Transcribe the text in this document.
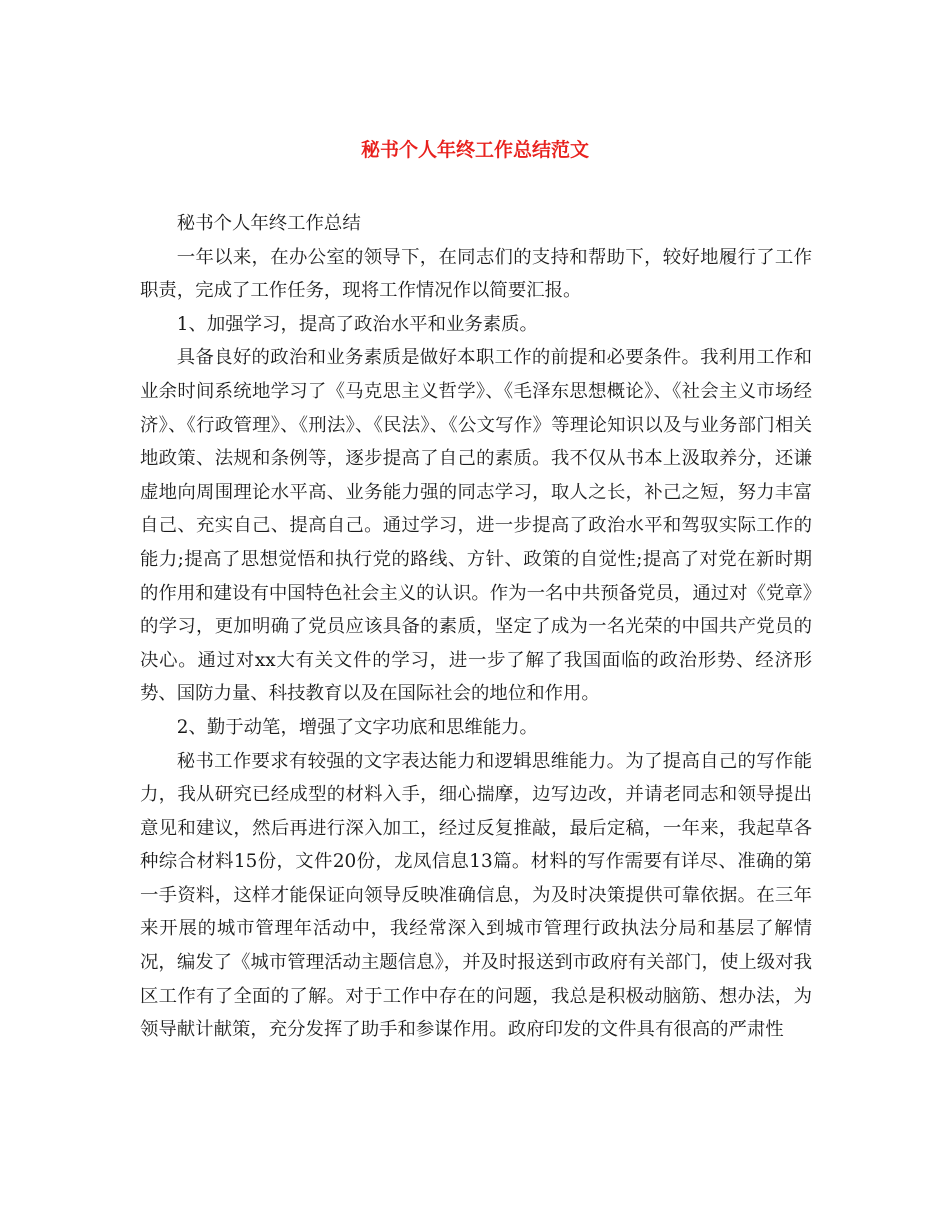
秘书个人年终工作总结范文

秘书个人年终工作总结

一年以来，在办公室的领导下，在同志们的支持和帮助下，较好地履行了工作职责，完成了工作任务，现将工作情况作以简要汇报。

1、加强学习，提高了政治水平和业务素质。

具备良好的政治和业务素质是做好本职工作的前提和必要条件。我利用工作和业余时间系统地学习了《马克思主义哲学》、《毛泽东思想概论》、《社会主义市场经济》、《行政管理》、《刑法》、《民法》、《公文写作》等理论知识以及与业务部门相关地政策、法规和条例等，逐步提高了自己的素质。我不仅从书本上汲取养分，还谦虚地向周围理论水平高、业务能力强的同志学习，取人之长，补己之短，努力丰富自己、充实自己、提高自己。通过学习，进一步提高了政治水平和驾驭实际工作的能力;提高了思想觉悟和执行党的路线、方针、政策的自觉性;提高了对党在新时期的作用和建设有中国特色社会主义的认识。作为一名中共预备党员，通过对《党章》的学习，更加明确了党员应该具备的素质，坚定了成为一名光荣的中国共产党员的决心。通过对xx大有关文件的学习，进一步了解了我国面临的政治形势、经济形势、国防力量、科技教育以及在国际社会的地位和作用。

2、勤于动笔，增强了文字功底和思维能力。

秘书工作要求有较强的文字表达能力和逻辑思维能力。为了提高自己的写作能力，我从研究已经成型的材料入手，细心揣摩，边写边改，并请老同志和领导提出意见和建议，然后再进行深入加工，经过反复推敲，最后定稿，一年来，我起草各种综合材料15份，文件20份，龙凤信息13篇。材料的写作需要有详尽、准确的第一手资料，这样才能保证向领导反映准确信息，为及时决策提供可靠依据。在三年来开展的城市管理年活动中，我经常深入到城市管理行政执法分局和基层了解情况，编发了《城市管理活动主题信息》，并及时报送到市政府有关部门，使上级对我区工作有了全面的了解。对于工作中存在的问题，我总是积极动脑筋、想办法，为领导献计献策，充分发挥了助手和参谋作用。政府印发的文件具有很高的严肃性
